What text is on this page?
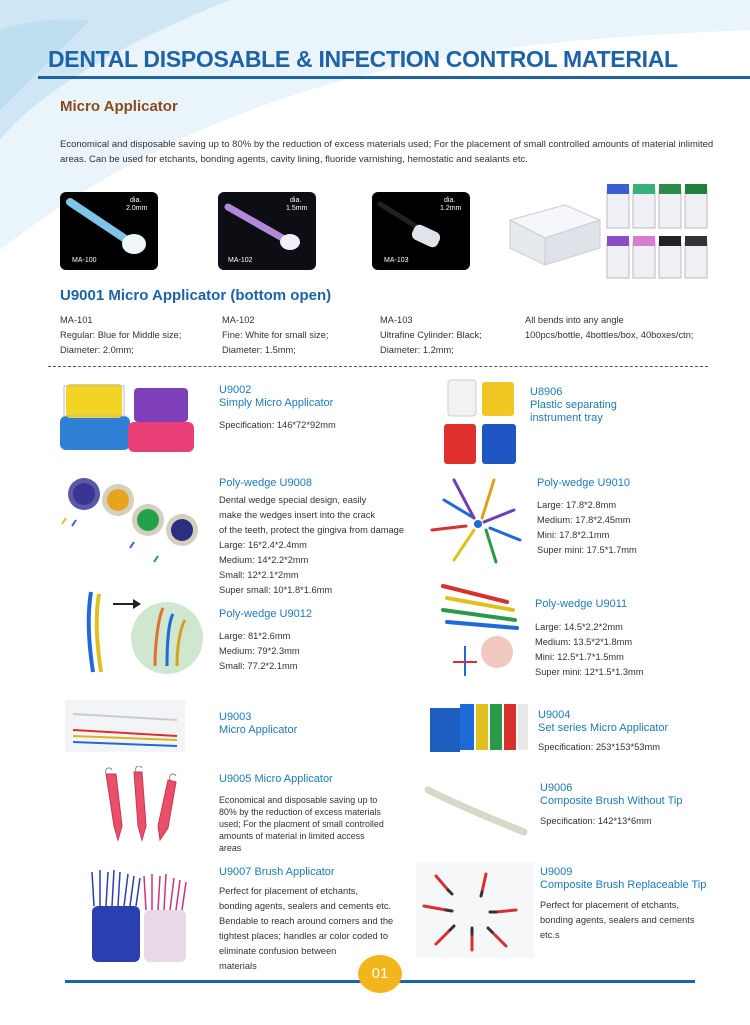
DENTAL DISPOSABLE & INFECTION CONTROL MATERIAL
Micro Applicator
Economical and disposable saving up to 80% by the reduction of excess materials used; For the placement of small controlled amounts of material inlimited areas. Can be used for etchants, bonding agents, cavity lining, fluoride varnishing, hemostatic and sealants etc.
MA-100
dia.
2.0mm
MA-102
dia.
1.5mm
MA-103
dia.
1.2mm
U9001 Micro Applicator (bottom open)
MA-101
Regular: Blue for Middle size;
Diameter: 2.0mm;
MA-102
Fine: White for small size;
Diameter: 1.5mm;
MA-103
Ultrafine Cylinder: Black;
Diameter: 1.2mm;
All bends into any angle
100pcs/bottle, 4bottles/box, 40boxes/ctn;
U9002
Simply Micro Applicator
Specification: 146*72*92mm
U8906
Plastic separating
instrument tray
Poly-wedge U9008
Dental wedge special design, easily
make the wedges insert into the crack
of the teeth, protect the gingiva from damage
Large: 16*2.4*2.4mm
Medium: 14*2.2*2mm
Small: 12*2.1*2mm
Super small: 10*1.8*1.6mm
Poly-wedge U9010
Large: 17.8*2.8mm
Medium: 17.8*2.45mm
Mini: 17.8*2.1mm
Super mini: 17.5*1.7mm
Poly-wedge U9012
Large: 81*2.6mm
Medium: 79*2.3mm
Small: 77.2*2.1mm
Poly-wedge U9011
Large: 14.5*2.2*2mm
Medium: 13.5*2*1.8mm
Mini: 12.5*1.7*1.5mm
Super mini: 12*1.5*1.3mm
U9003
Micro Applicator
U9004
Set series Micro Applicator
Specification: 253*153*53mm
U9005 Micro Applicator
Economical and disposable saving up to
80% by the reduction of excess materials
used; For the placment of small controlled
amounts of material in limited access
areas
U9006
Composite Brush Without Tip
Specification: 142*13*6mm
U9007 Brush Applicator
Perfect for placement of etchants,
bonding agents, sealers and cements etc.
Bendable to reach around corners and the
tightest places; handles ar color coded to
eliminate confusion between
materials
U9009
Composite Brush Replaceable Tip
Perfect for placement of etchants,
bonding agents, sealers and cements
etc.s
01
